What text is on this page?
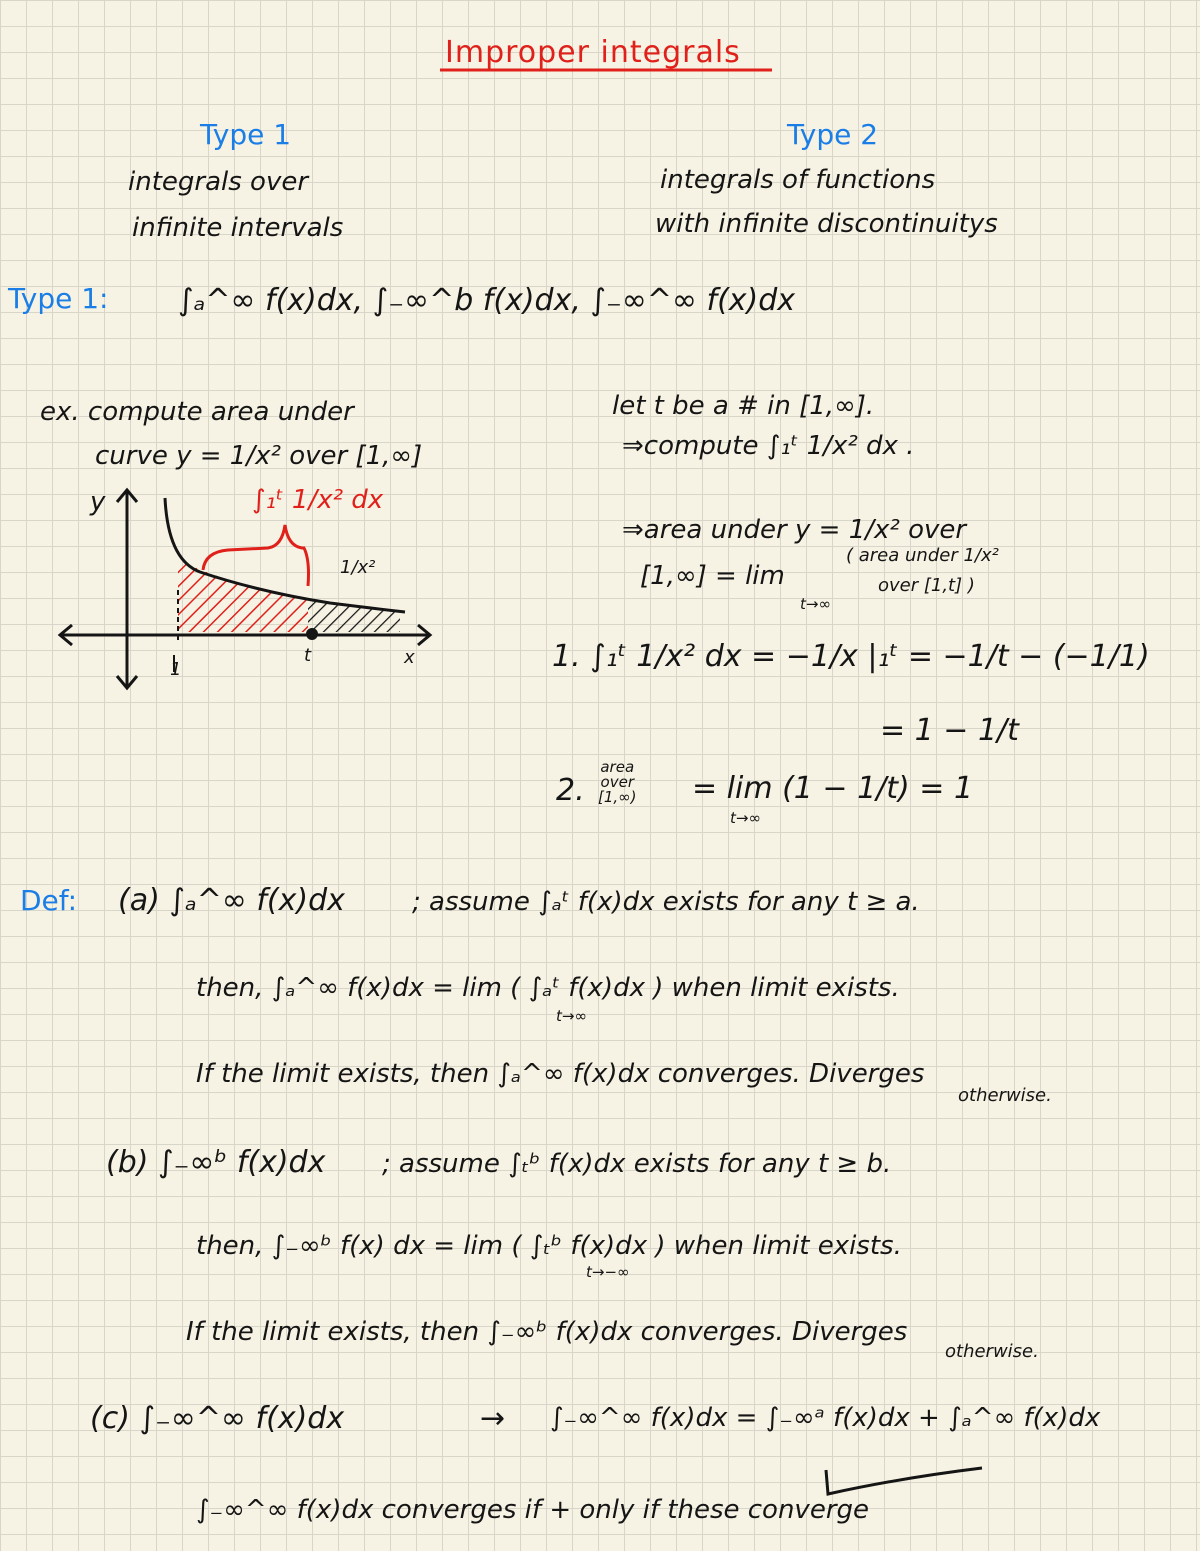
Improper integrals
Type 1
integrals over
infinite intervals
Type 2
integrals of functions
with infinite discontinuitys
Type 1: ∫ₐ^∞ f(x)dx, ∫₋∞^b f(x)dx, ∫₋∞^∞ f(x)dx
ex. compute area under
curve y = 1/x² over [1,∞]
y
x
t
1
1/x²
∫₁ᵗ 1/x² dx
let t be a # in [1,∞].
⇒compute ∫₁ᵗ 1/x² dx .
⇒area under y = 1/x² over
[1,∞] = lim
t→∞
( area under 1/x²
over [1,t] )
1. ∫₁ᵗ 1/x² dx = −1/x |₁ᵗ = −1/t − (−1/1)
= 1 − 1/t
2.
area
over
[1,∞) = lim (1 − 1/t) = 1
t→∞
Def: (a) ∫ₐ^∞ f(x)dx	; assume ∫ₐᵗ f(x)dx exists for any t ≥ a.
then, ∫ₐ^∞ f(x)dx = lim ( ∫ₐᵗ f(x)dx ) when limit exists.
t→∞
If the limit exists, then ∫ₐ^∞ f(x)dx converges. Diverges
otherwise.
(b) ∫₋∞ᵇ f(x)dx ; assume ∫ₜᵇ f(x)dx exists for any t ≥ b.
then, ∫₋∞ᵇ f(x) dx = lim ( ∫ₜᵇ f(x)dx ) when limit exists.
t→−∞
If the limit exists, then ∫₋∞ᵇ f(x)dx converges. Diverges
otherwise.
(c) ∫₋∞^∞ f(x)dx	→ ∫₋∞^∞ f(x)dx = ∫₋∞ᵃ f(x)dx + ∫ₐ^∞ f(x)dx
∫₋∞^∞ f(x)dx converges if + only if these converge
